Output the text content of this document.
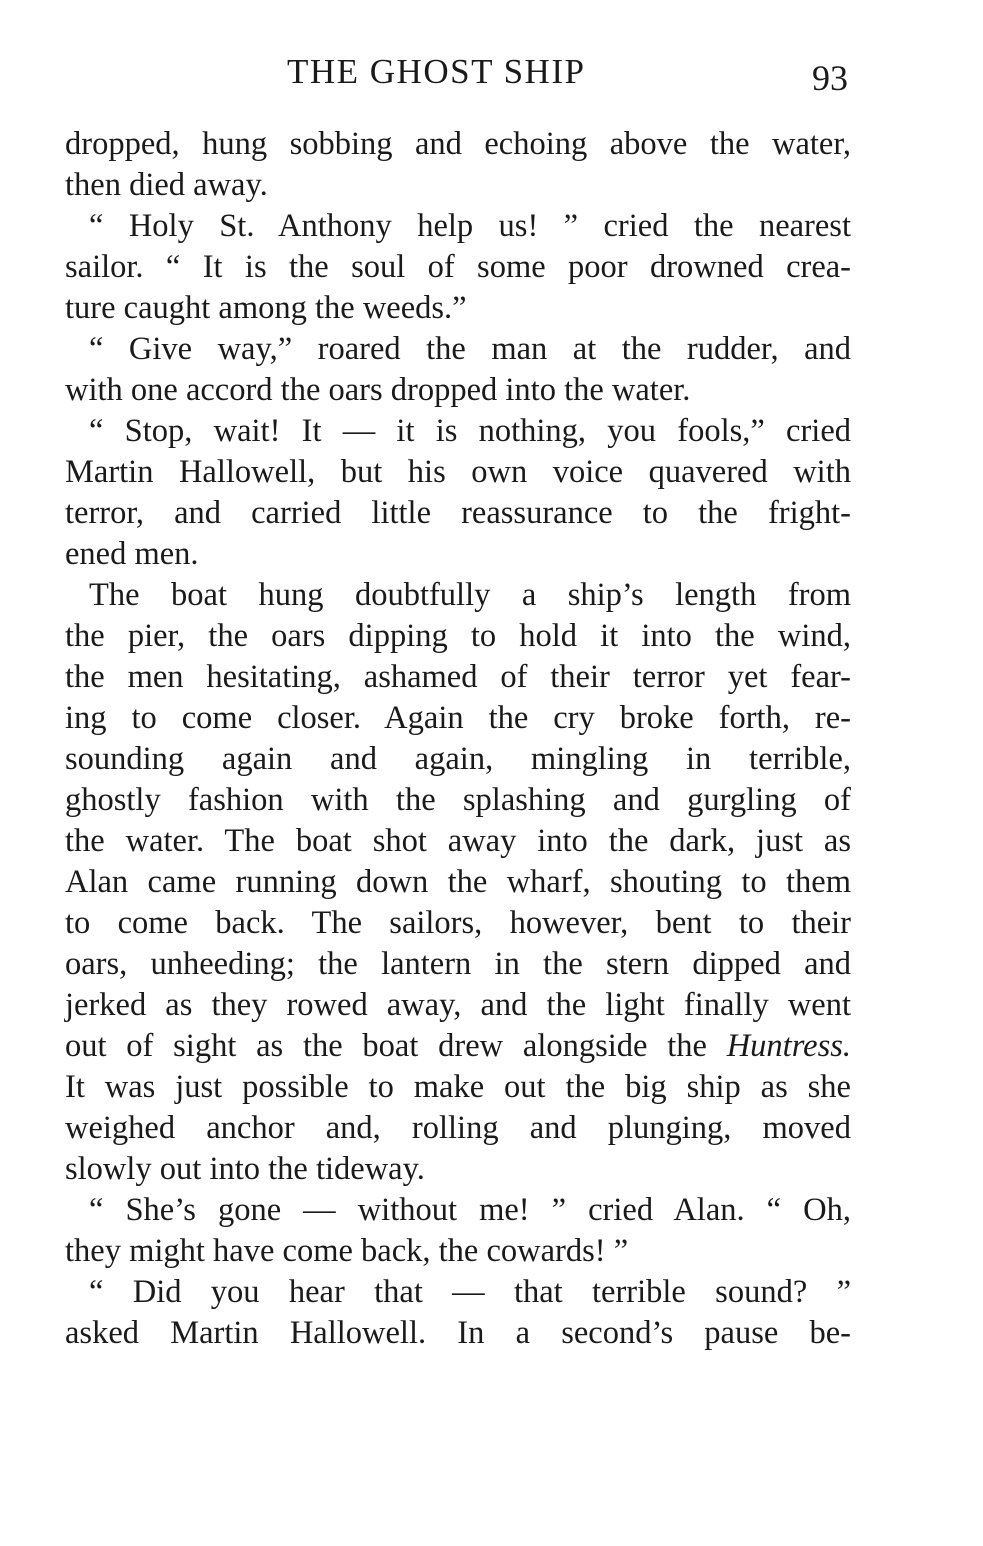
THE GHOST SHIP	93
dropped, hung sobbing and echoing above the water,
then died away.
“ Holy St. Anthony help us! ” cried the nearest
sailor. “ It is the soul of some poor drowned crea-
ture caught among the weeds.”
“ Give way,” roared the man at the rudder, and
with one accord the oars dropped into the water.
“ Stop, wait! It — it is nothing, you fools,” cried
Martin Hallowell, but his own voice quavered with
terror, and carried little reassurance to the fright-
ened men.
The boat hung doubtfully a ship’s length from
the pier, the oars dipping to hold it into the wind,
the men hesitating, ashamed of their terror yet fear-
ing to come closer. Again the cry broke forth, re-
sounding again and again, mingling in terrible,
ghostly fashion with the splashing and gurgling of
the water. The boat shot away into the dark, just as
Alan came running down the wharf, shouting to them
to come back. The sailors, however, bent to their
oars, unheeding; the lantern in the stern dipped and
jerked as they rowed away, and the light finally went
out of sight as the boat drew alongside the Huntress.
It was just possible to make out the big ship as she
weighed anchor and, rolling and plunging, moved
slowly out into the tideway.
“ She’s gone — without me! ” cried Alan. “ Oh,
they might have come back, the cowards! ”
“ Did you hear that — that terrible sound? ”
asked Martin Hallowell. In a second’s pause be-
